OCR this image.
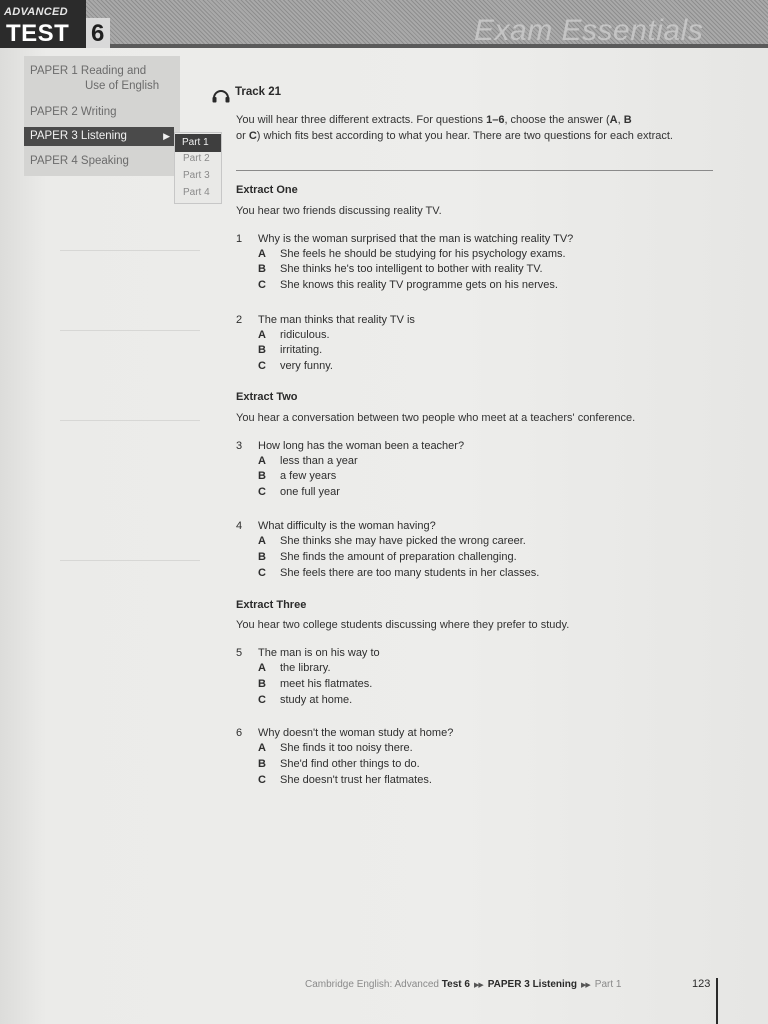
ADVANCED
TEST 6	Exam Essentials
PAPER 1 Reading and
Use of English
PAPER 2 Writing
PAPER 3 Listening	▶
PAPER 4 Speaking
Part 1
Part 2
Part 3
Part 4
Track 21
You will hear three different extracts. For questions 1–6, choose the answer (A, B
or C) which fits best according to what you hear. There are two questions for each extract.
Extract One
You hear two friends discussing reality TV.
1 Why is the woman surprised that the man is watching reality TV?
A She feels he should be studying for his psychology exams.
B She thinks he's too intelligent to bother with reality TV.
C She knows this reality TV programme gets on his nerves.
2 The man thinks that reality TV is
A ridiculous.
B irritating.
C very funny.
Extract Two
You hear a conversation between two people who meet at a teachers' conference.
3 How long has the woman been a teacher?
A less than a year
B a few years
C one full year
4 What difficulty is the woman having?
A She thinks she may have picked the wrong career.
B She finds the amount of preparation challenging.
C She feels there are too many students in her classes.
Extract Three
You hear two college students discussing where they prefer to study.
5 The man is on his way to
A the library.
B meet his flatmates.
C study at home.
6 Why doesn't the woman study at home?
A She finds it too noisy there.
B She'd find other things to do.
C She doesn't trust her flatmates.
Cambridge English: Advanced Test 6 ▶▶ PAPER 3 Listening ▶▶ Part 1	123
